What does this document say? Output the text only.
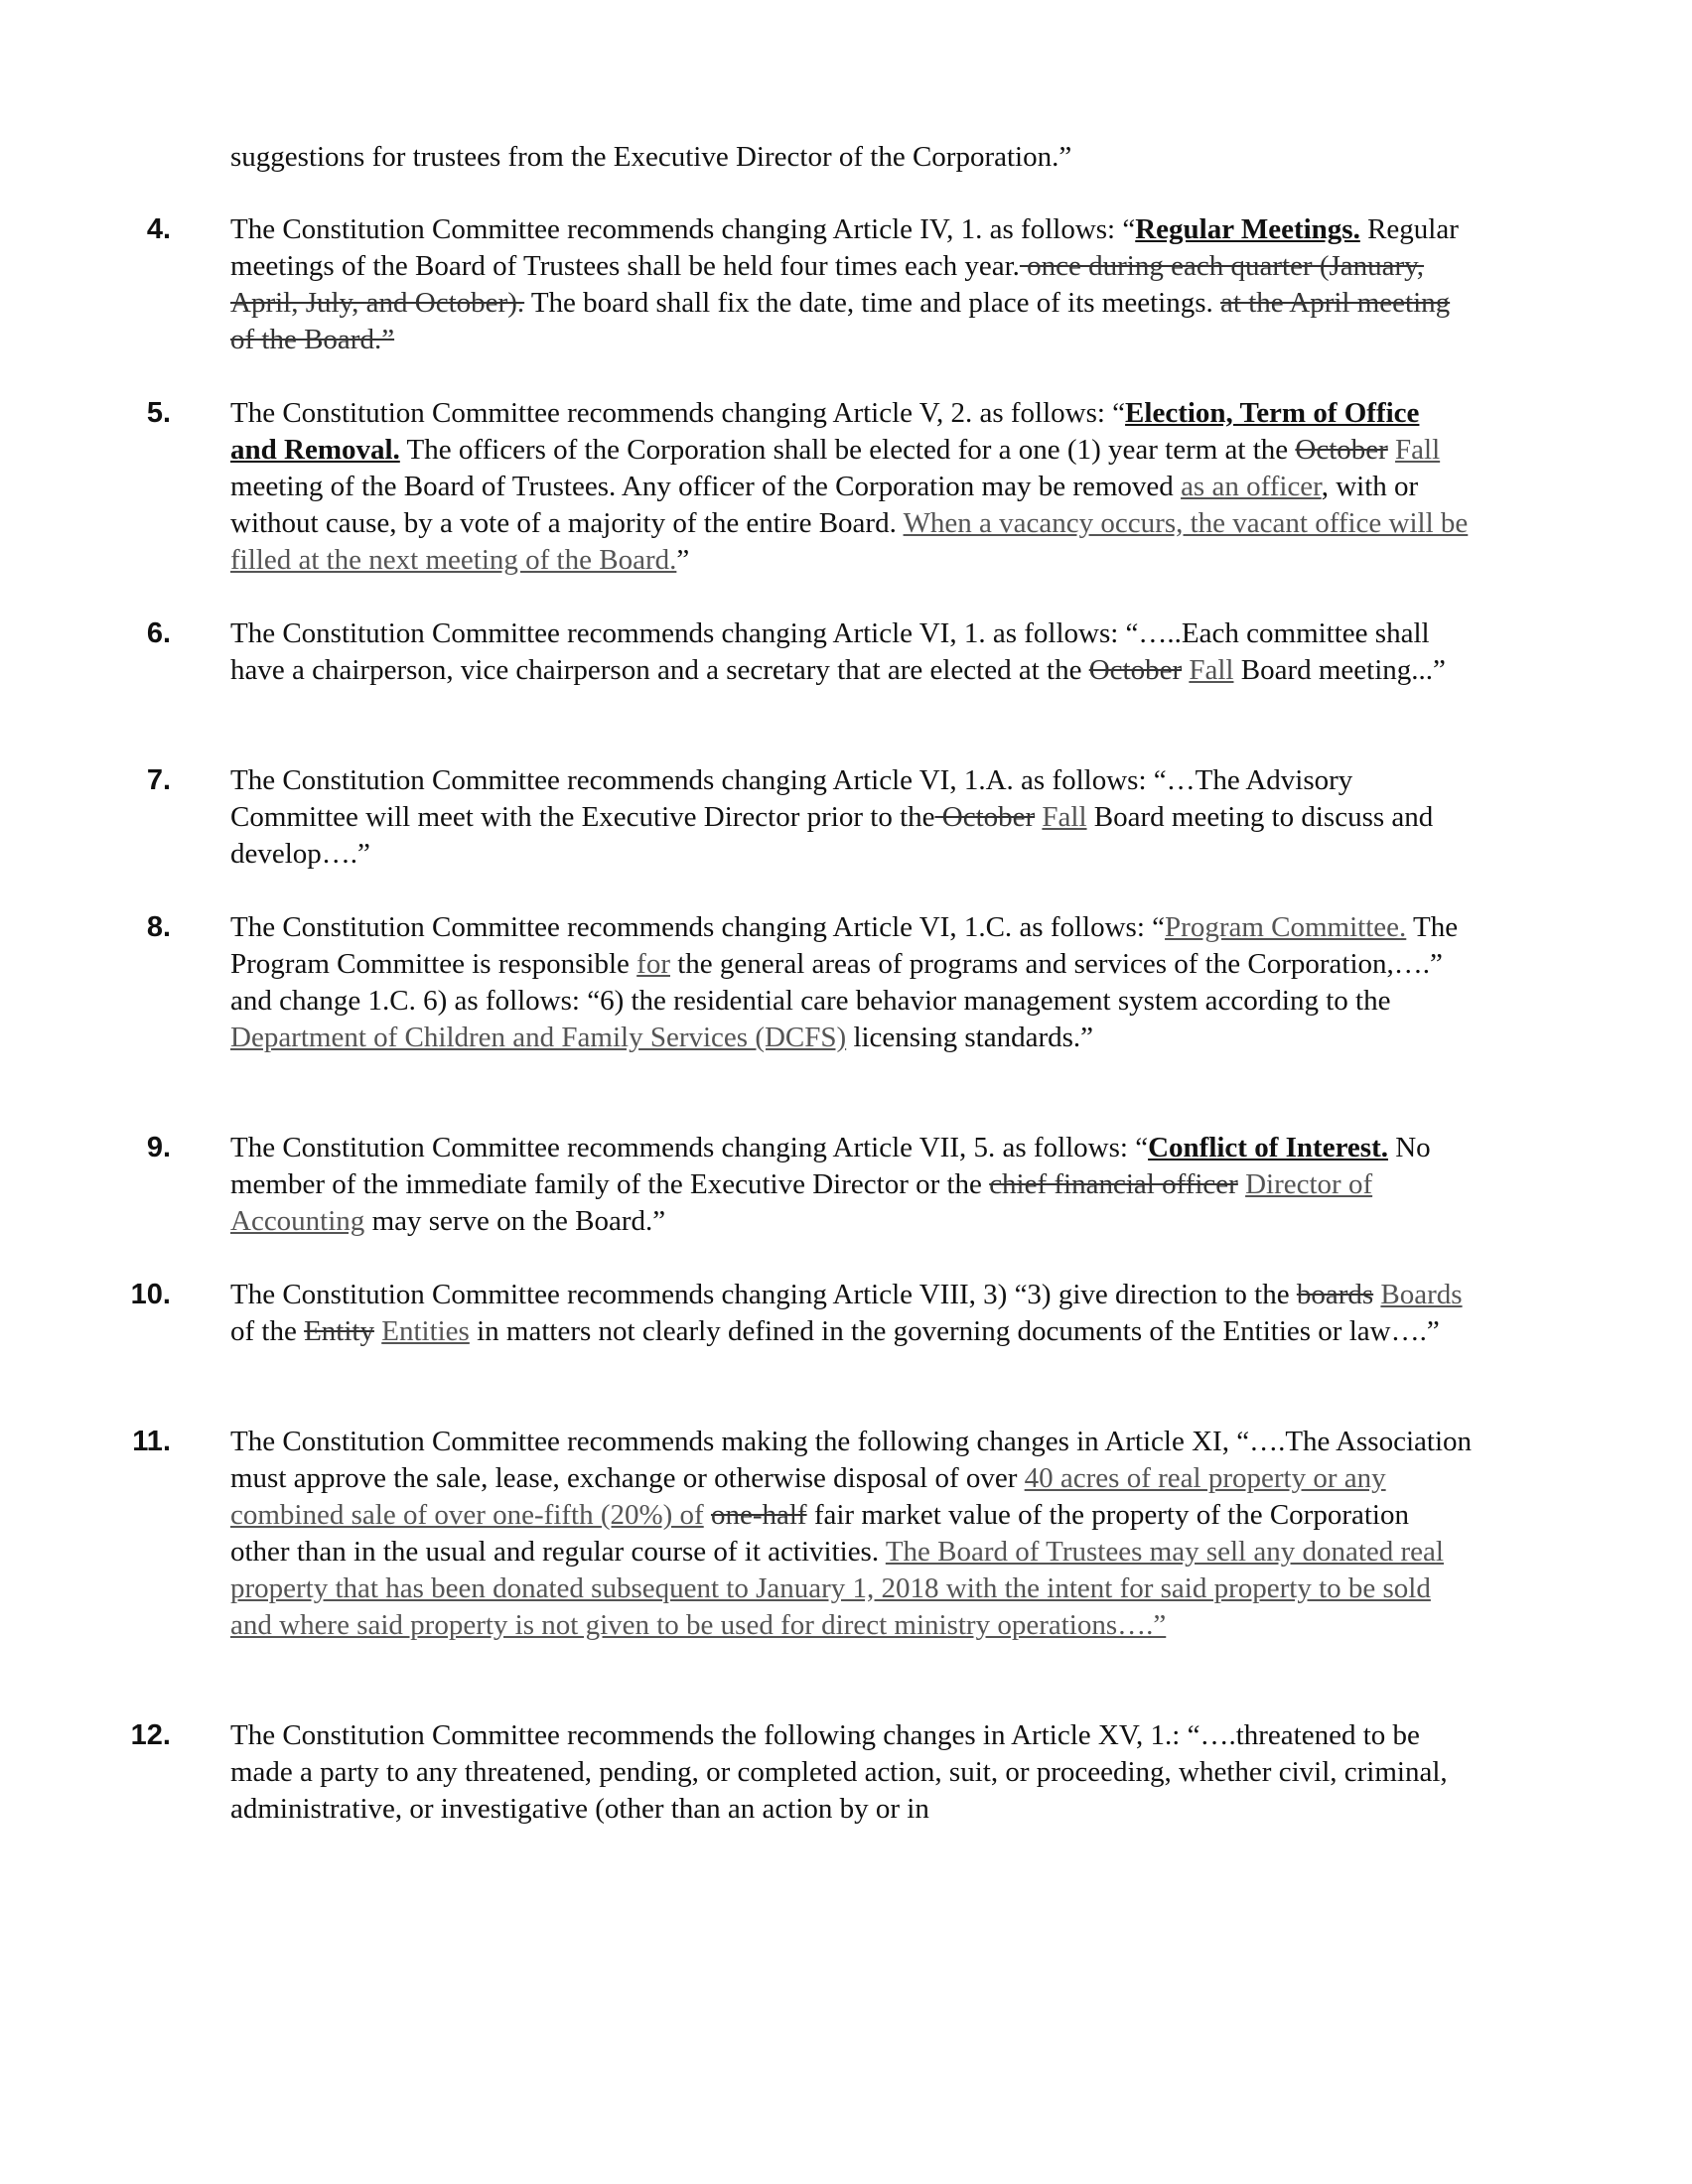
suggestions for trustees from the Executive Director of the Corporation.”
4. The Constitution Committee recommends changing Article IV, 1. as follows: “Regular Meetings. Regular meetings of the Board of Trustees shall be held four times each year. once during each quarter (January, April, July, and October). The board shall fix the date, time and place of its meetings. at the April meeting of the Board.”
5. The Constitution Committee recommends changing Article V, 2. as follows: “Election, Term of Office and Removal. The officers of the Corporation shall be elected for a one (1) year term at the October Fall meeting of the Board of Trustees. Any officer of the Corporation may be removed as an officer, with or without cause, by a vote of a majority of the entire Board. When a vacancy occurs, the vacant office will be filled at the next meeting of the Board.”
6. The Constitution Committee recommends changing Article VI, 1. as follows: “…..Each committee shall have a chairperson, vice chairperson and a secretary that are elected at the October Fall Board meeting...”
7. The Constitution Committee recommends changing Article VI, 1.A. as follows: “…The Advisory Committee will meet with the Executive Director prior to the October Fall Board meeting to discuss and develop….”
8. The Constitution Committee recommends changing Article VI, 1.C. as follows: “Program Committee. The Program Committee is responsible for the general areas of programs and services of the Corporation,….” and change 1.C. 6) as follows: “6) the residential care behavior management system according to the Department of Children and Family Services (DCFS) licensing standards.”
9. The Constitution Committee recommends changing Article VII, 5. as follows: “Conflict of Interest. No member of the immediate family of the Executive Director or the chief financial officer Director of Accounting may serve on the Board.”
10. The Constitution Committee recommends changing Article VIII, 3) “3) give direction to the boards Boards of the Entity Entities in matters not clearly defined in the governing documents of the Entities or law….”
11. The Constitution Committee recommends making the following changes in Article XI, “….The Association must approve the sale, lease, exchange or otherwise disposal of over 40 acres of real property or any combined sale of over one-fifth (20%) of one-half fair market value of the property of the Corporation other than in the usual and regular course of it activities. The Board of Trustees may sell any donated real property that has been donated subsequent to January 1, 2018 with the intent for said property to be sold and where said property is not given to be used for direct ministry operations….”
12. The Constitution Committee recommends the following changes in Article XV, 1.: “….threatened to be made a party to any threatened, pending, or completed action, suit, or proceeding, whether civil, criminal, administrative, or investigative (other than an action by or in
